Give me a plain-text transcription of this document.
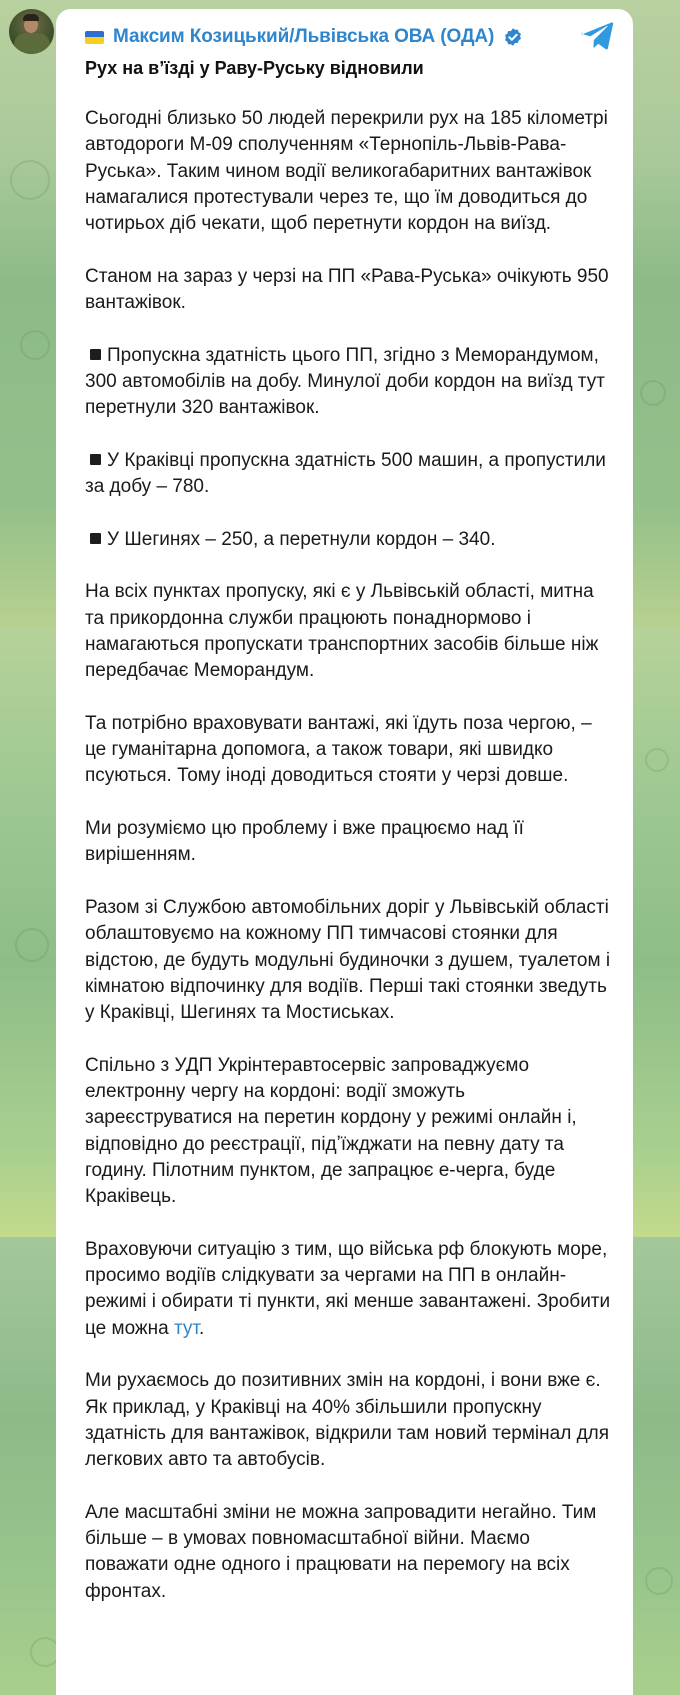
Максим Козицький/Львівська ОВА (ОДА)
Рух на вʼїзді у Раву-Руську відновили

Сьогодні близько 50 людей перекрили рух на 185 кілометрі автодороги М-09 сполученням «Тернопіль-Львів-Рава-Руська». Таким чином водії великогабаритних вантажівок намагалися протестували через те, що їм доводиться до чотирьох діб чекати, щоб перетнути кордон на виїзд.

Станом на зараз у черзі на ПП «Рава-Руська» очікують 950 вантажівок.

Пропускна здатність цього ПП, згідно з Меморандумом, 300 автомобілів на добу. Минулої доби кордон на виїзд тут перетнули 320 вантажівок.

У Краківці пропускна здатність 500 машин, а пропустили за добу – 780.

У Шегинях – 250, а перетнули кордон – 340.

На всіх пунктах пропуску, які є у Львівській області, митна та прикордонна служби працюють понаднормово і намагаються пропускати транспортних засобів більше ніж передбачає Меморандум.

Та потрібно враховувати вантажі, які їдуть поза чергою, – це гуманітарна допомога, а також товари, які швидко псуються. Тому іноді доводиться стояти у черзі довше.

Ми розуміємо цю проблему і вже працюємо над її вирішенням.

Разом зі Службою автомобільних доріг у Львівській області облаштовуємо на кожному ПП тимчасові стоянки для відстою, де будуть модульні будиночки з душем, туалетом і кімнатою відпочинку для водіїв. Перші такі стоянки зведуть у Краківці, Шегинях та Мостиськах.

Спільно з УДП Укрінтеравтосервіс запроваджуємо електронну чергу на кордоні: водії зможуть зареєструватися на перетин кордону у режимі онлайн і, відповідно до реєстрації, підʼїжджати на певну дату та годину. Пілотним пунктом, де запрацює е-черга, буде Краківець.

Враховуючи ситуацію з тим, що війська рф блокують море, просимо водіїв слідкувати за чергами на ПП в онлайн-режимі і обирати ті пункти, які менше завантажені. Зробити це можна тут.

Ми рухаємось до позитивних змін на кордоні, і вони вже є. Як приклад, у Краківці на 40% збільшили пропускну здатність для вантажівок, відкрили там новий термінал для легкових авто та автобусів.

Але масштабні зміни не можна запровадити негайно. Тим більше – в умовах повномасштабної війни. Маємо поважати одне одного і працювати на перемогу на всіх фронтах.
